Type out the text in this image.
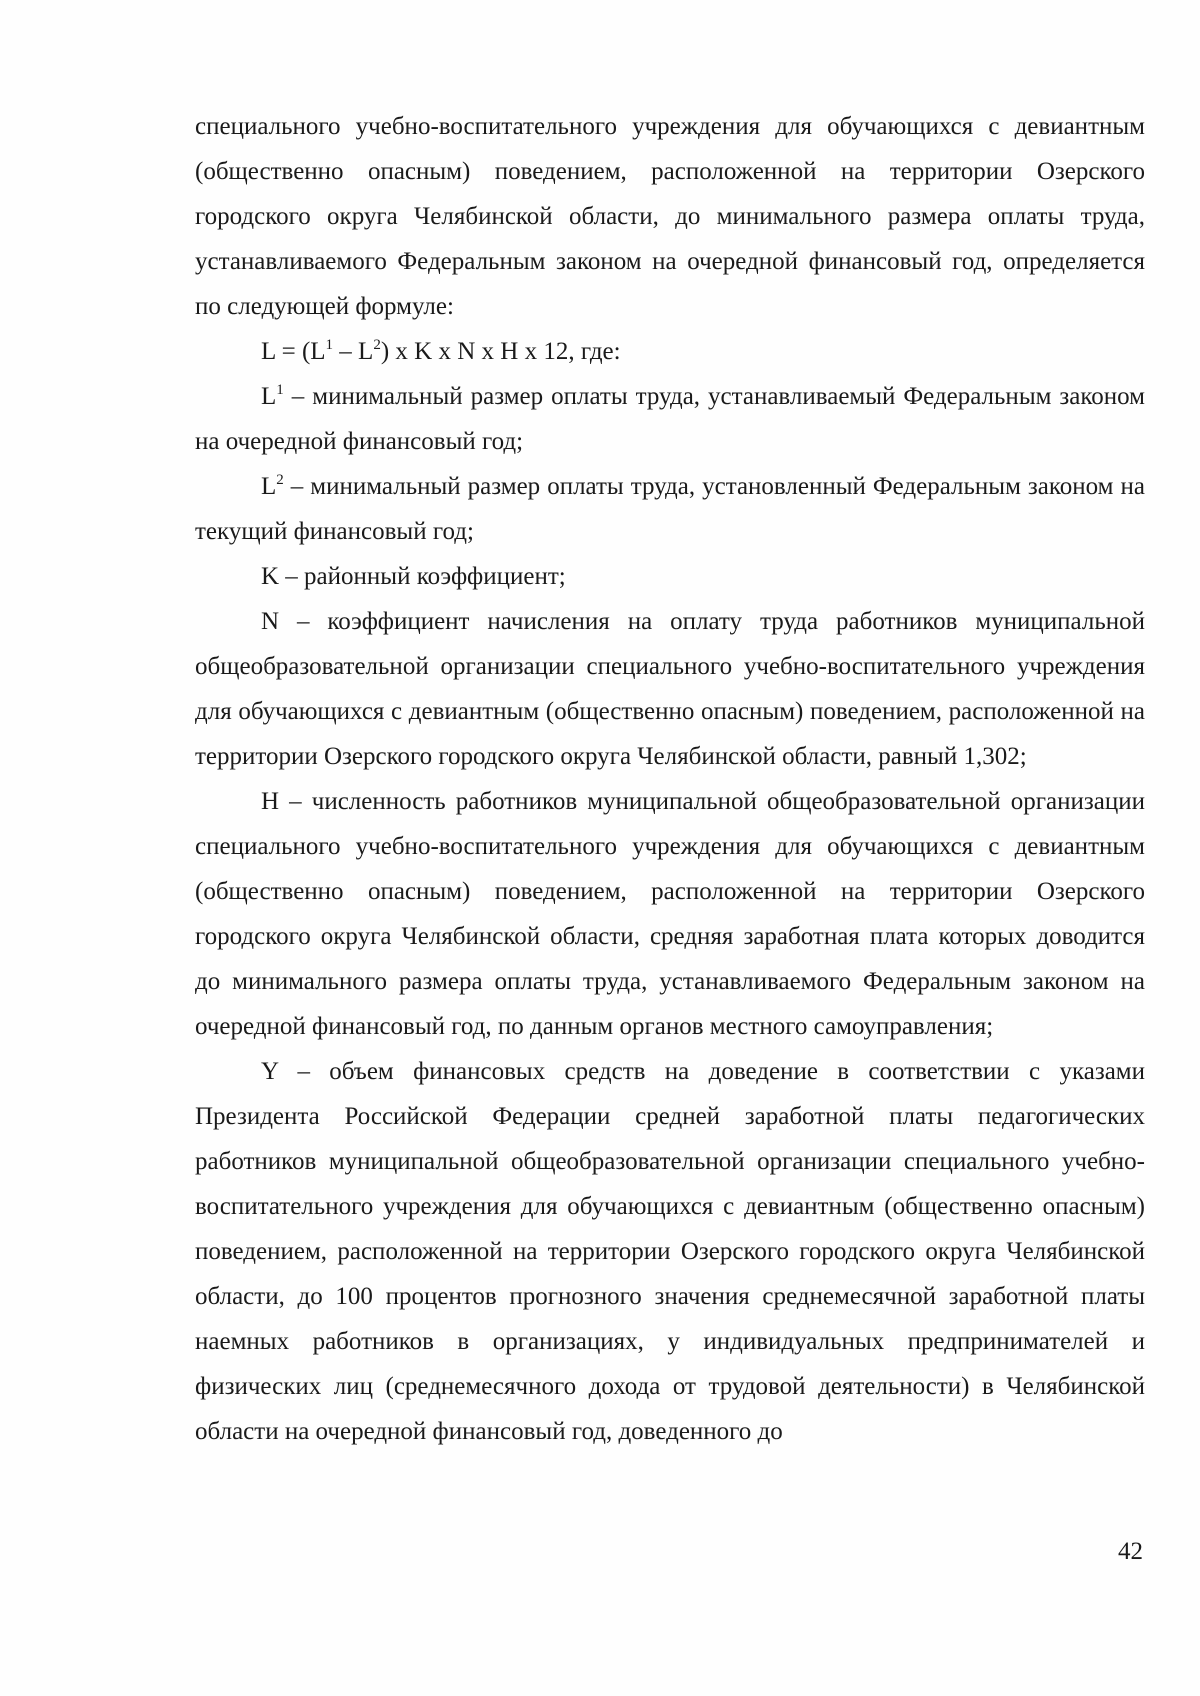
специального учебно-воспитательного учреждения для обучающихся с девиантным (общественно опасным) поведением, расположенной на территории Озерского городского округа Челябинской области, до минимального размера оплаты труда, устанавливаемого Федеральным законом на очередной финансовый год, определяется по следующей формуле:

$L = (L^1 - L^2)$ x K x N x H x 12, где:

$L^1$ – минимальный размер оплаты труда, устанавливаемый Федеральным законом на очередной финансовый год;

$L^2$ – минимальный размер оплаты труда, установленный Федеральным законом на текущий финансовый год;

K – районный коэффициент;

N – коэффициент начисления на оплату труда работников муниципальной общеобразовательной организации специального учебно-воспитательного учреждения для обучающихся с девиантным (общественно опасным) поведением, расположенной на территории Озерского городского округа Челябинской области, равный 1,302;

H – численность работников муниципальной общеобразовательной организации специального учебно-воспитательного учреждения для обучающихся с девиантным (общественно опасным) поведением, расположенной на территории Озерского городского округа Челябинской области, средняя заработная плата которых доводится до минимального размера оплаты труда, устанавливаемого Федеральным законом на очередной финансовый год, по данным органов местного самоуправления;

Y – объем финансовых средств на доведение в соответствии с указами Президента Российской Федерации средней заработной платы педагогических работников муниципальной общеобразовательной организации специального учебно-воспитательного учреждения для обучающихся с девиантным (общественно опасным) поведением, расположенной на территории Озерского городского округа Челябинской области, до 100 процентов прогнозного значения среднемесячной заработной платы наемных работников в организациях, у индивидуальных предпринимателей и физических лиц (среднемесячного дохода от трудовой деятельности) в Челябинской области на очередной финансовый год, доведенного до

42
